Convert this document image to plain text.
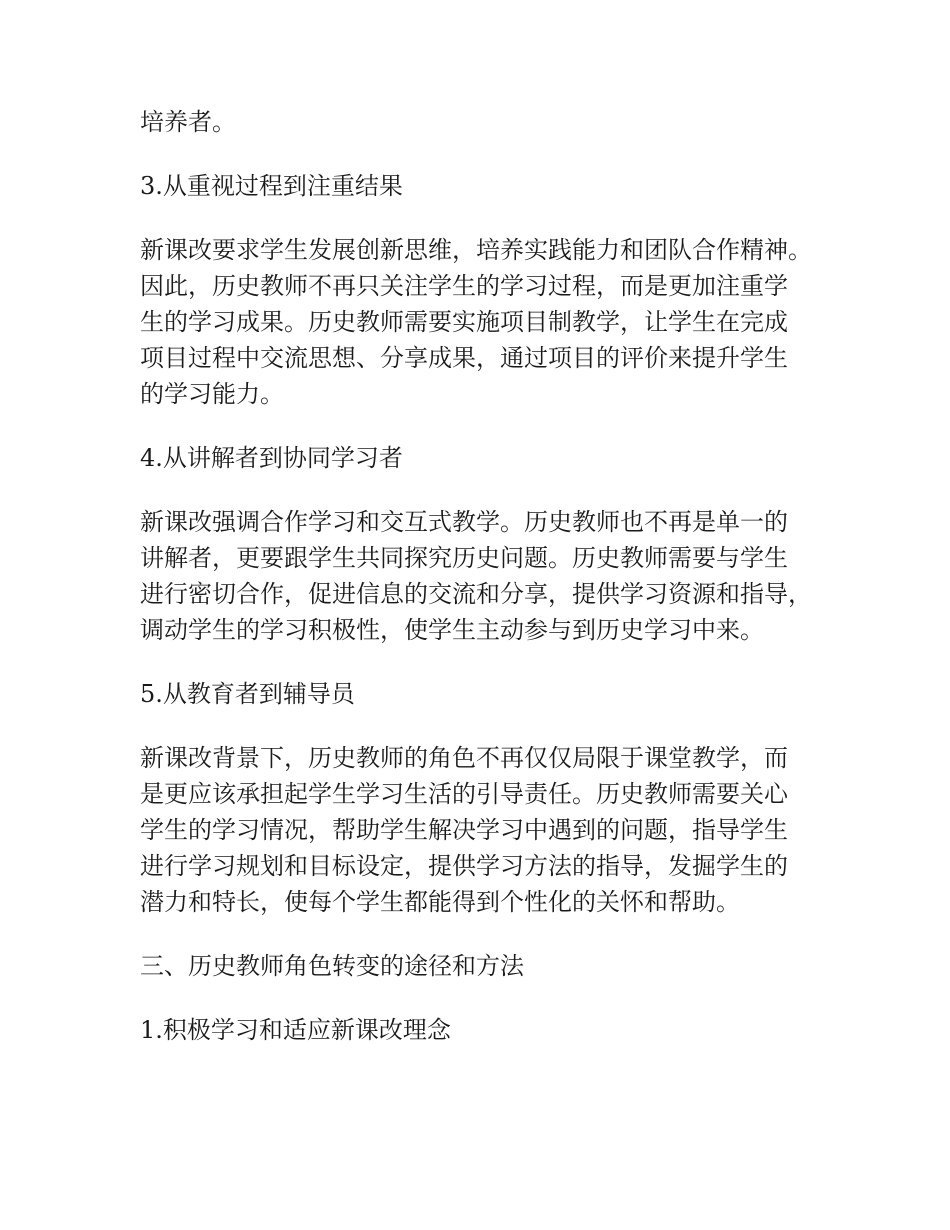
培养者。

3.从重视过程到注重结果

新课改要求学生发展创新思维，培养实践能力和团队合作精神。
因此，历史教师不再只关注学生的学习过程，而是更加注重学
生的学习成果。历史教师需要实施项目制教学，让学生在完成
项目过程中交流思想、分享成果，通过项目的评价来提升学生
的学习能力。

4.从讲解者到协同学习者

新课改强调合作学习和交互式教学。历史教师也不再是单一的
讲解者，更要跟学生共同探究历史问题。历史教师需要与学生
进行密切合作，促进信息的交流和分享，提供学习资源和指导，
调动学生的学习积极性，使学生主动参与到历史学习中来。

5.从教育者到辅导员

新课改背景下，历史教师的角色不再仅仅局限于课堂教学，而
是更应该承担起学生学习生活的引导责任。历史教师需要关心
学生的学习情况，帮助学生解决学习中遇到的问题，指导学生
进行学习规划和目标设定，提供学习方法的指导，发掘学生的
潜力和特长，使每个学生都能得到个性化的关怀和帮助。

三、历史教师角色转变的途径和方法

1.积极学习和适应新课改理念
